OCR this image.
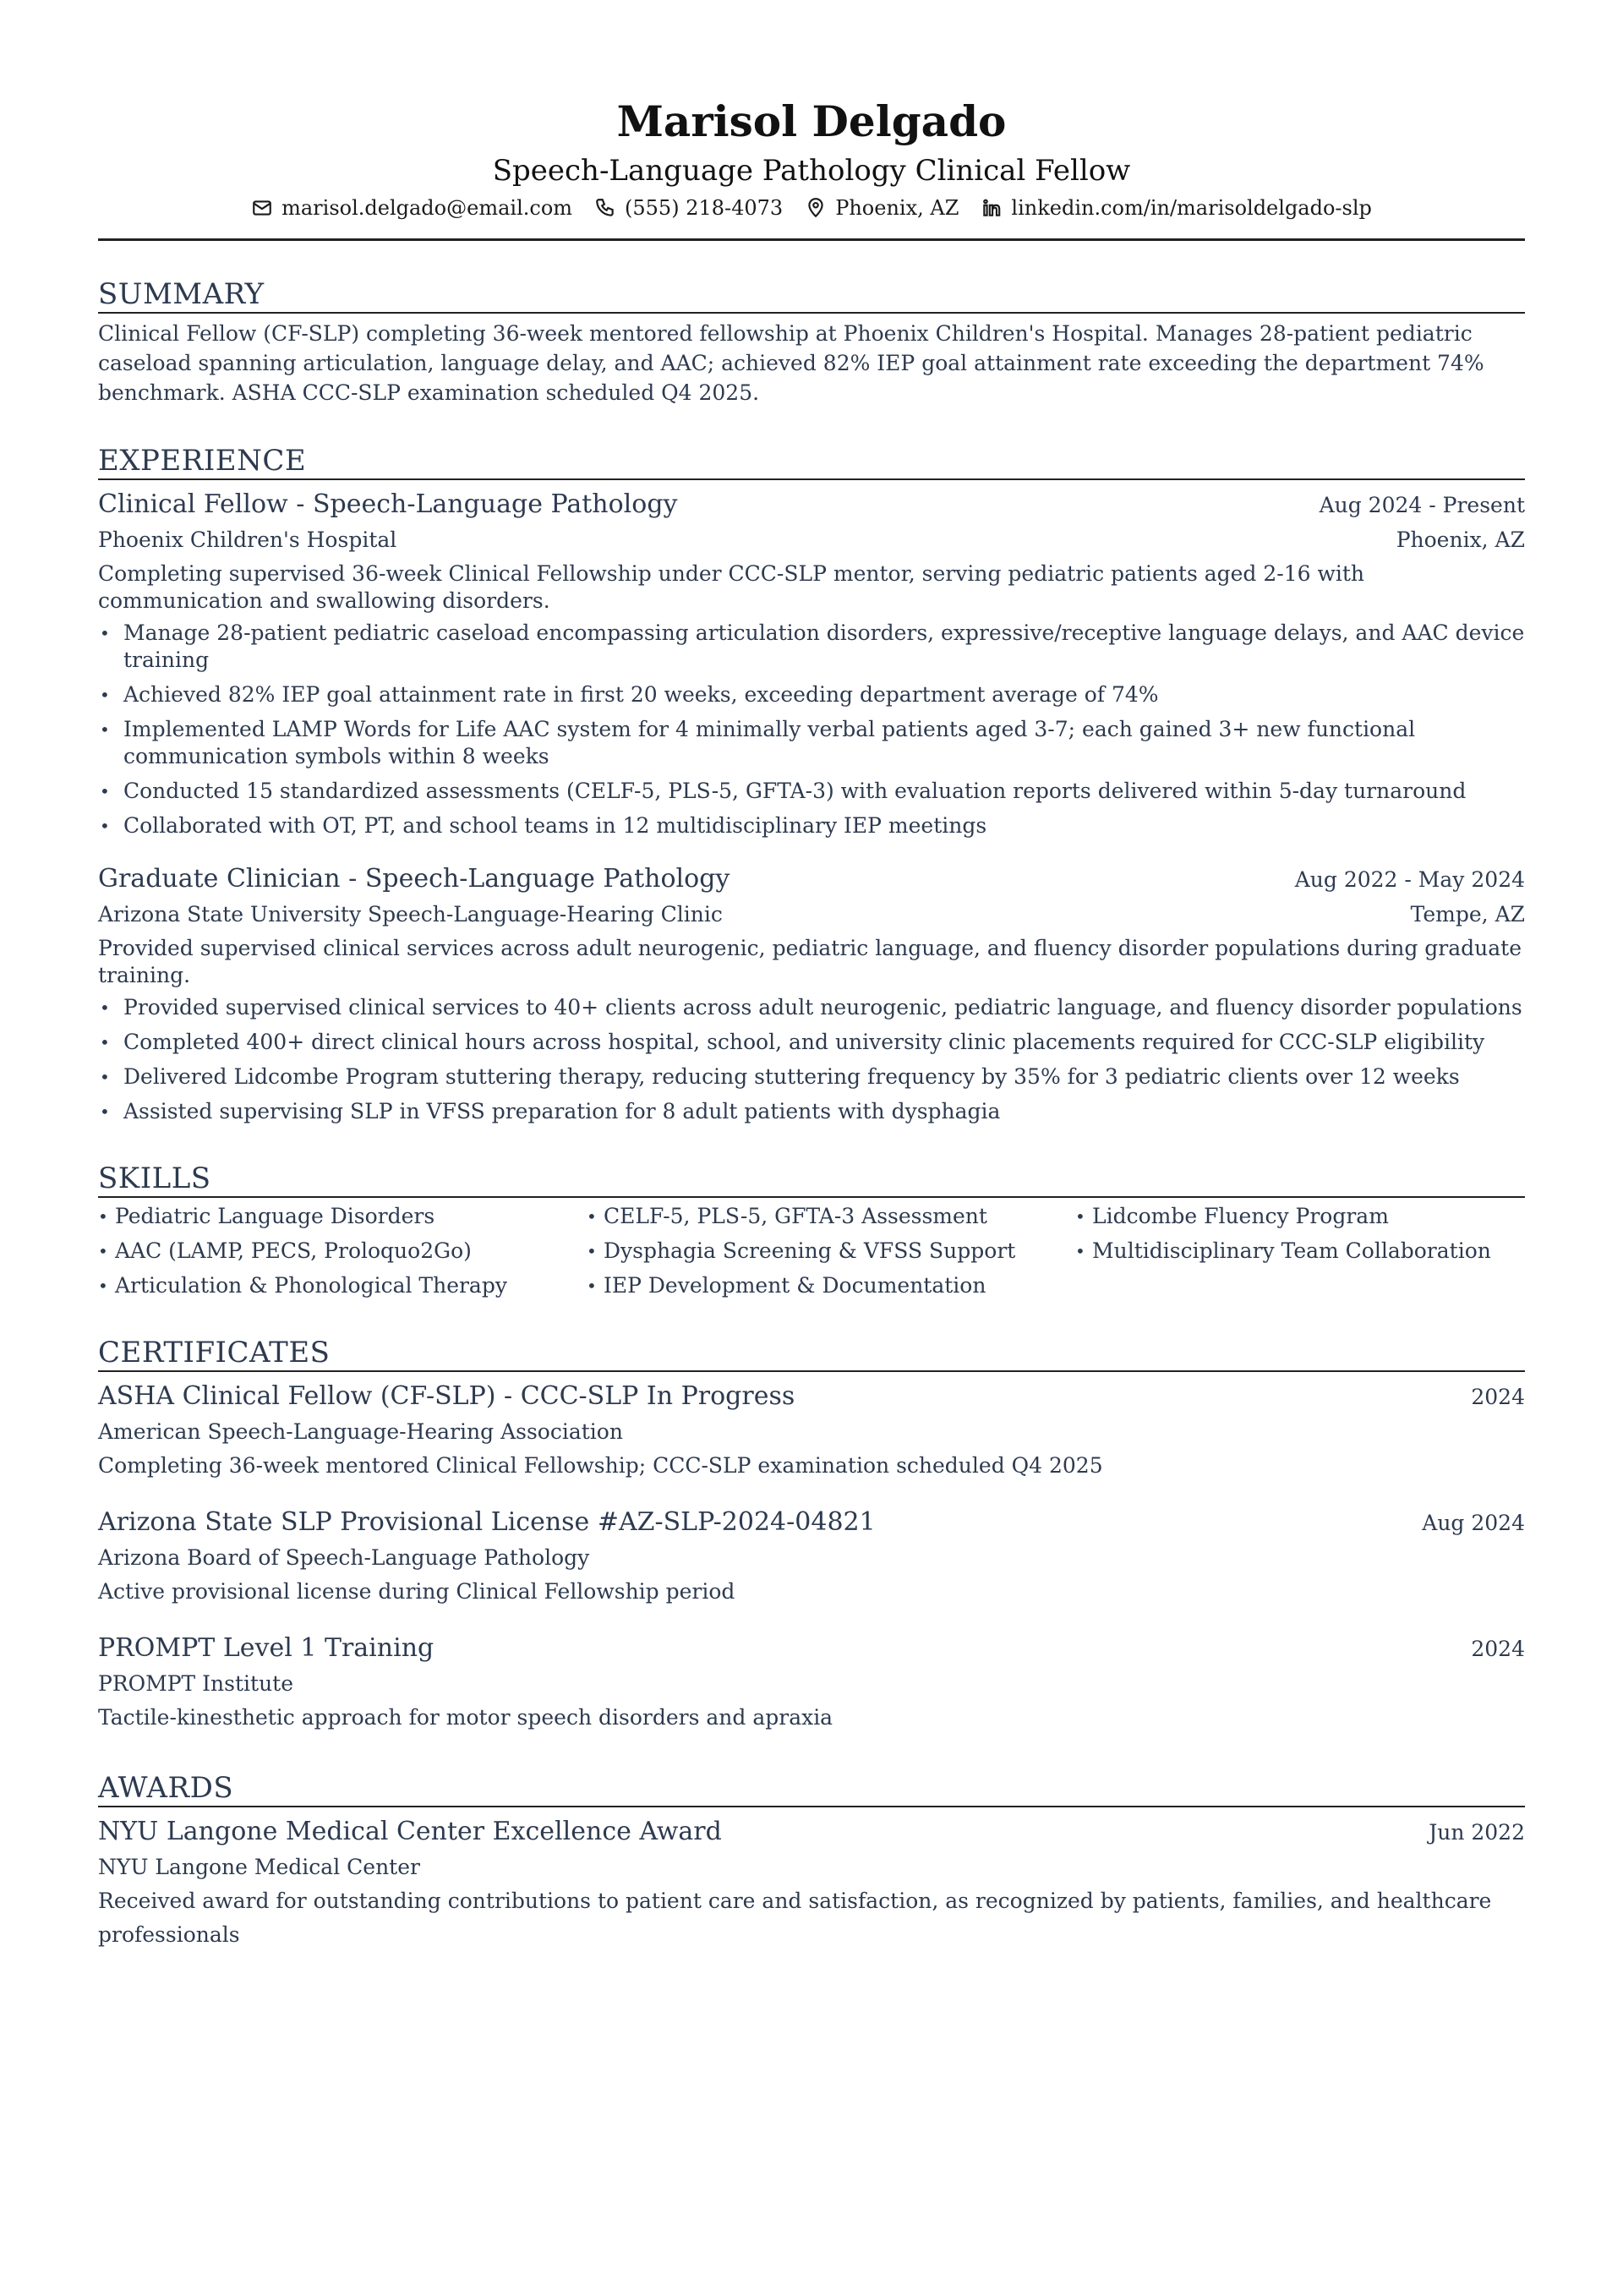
Marisol Delgado
Speech-Language Pathology Clinical Fellow
marisol.delgado@email.com	(555) 218-4073	Phoenix, AZ	linkedin.com/in/marisoldelgado-slp
SUMMARY

Clinical Fellow (CF-SLP) completing 36-week mentored fellowship at Phoenix Children's Hospital. Manages 28-patient pediatric caseload spanning articulation, language delay, and AAC; achieved 82% IEP goal attainment rate exceeding the department 74% benchmark. ASHA CCC-SLP examination scheduled Q4 2025.

EXPERIENCE
Clinical Fellow - Speech-Language Pathology	Aug 2024 - Present
Phoenix Children's Hospital	Phoenix, AZ
Completing supervised 36-week Clinical Fellowship under CCC-SLP mentor, serving pediatric patients aged 2-16 with communication and swallowing disorders.
• Manage 28-patient pediatric caseload encompassing articulation disorders, expressive/receptive language delays, and AAC device training
• Achieved 82% IEP goal attainment rate in first 20 weeks, exceeding department average of 74%
• Implemented LAMP Words for Life AAC system for 4 minimally verbal patients aged 3-7; each gained 3+ new functional communication symbols within 8 weeks
• Conducted 15 standardized assessments (CELF-5, PLS-5, GFTA-3) with evaluation reports delivered within 5-day turnaround
• Collaborated with OT, PT, and school teams in 12 multidisciplinary IEP meetings
Graduate Clinician - Speech-Language Pathology	Aug 2022 - May 2024
Arizona State University Speech-Language-Hearing Clinic	Tempe, AZ
Provided supervised clinical services across adult neurogenic, pediatric language, and fluency disorder populations during graduate training.
• Provided supervised clinical services to 40+ clients across adult neurogenic, pediatric language, and fluency disorder populations
• Completed 400+ direct clinical hours across hospital, school, and university clinic placements required for CCC-SLP eligibility
• Delivered Lidcombe Program stuttering therapy, reducing stuttering frequency by 35% for 3 pediatric clients over 12 weeks
• Assisted supervising SLP in VFSS preparation for 8 adult patients with dysphagia
SKILLS
• Pediatric Language Disorders	• CELF-5, PLS-5, GFTA-3 Assessment	• Lidcombe Fluency Program
• AAC (LAMP, PECS, Proloquo2Go)	• Dysphagia Screening & VFSS Support	• Multidisciplinary Team Collaboration
• Articulation & Phonological Therapy	• IEP Development & Documentation
CERTIFICATES
ASHA Clinical Fellow (CF-SLP) - CCC-SLP In Progress	2024
American Speech-Language-Hearing Association
Completing 36-week mentored Clinical Fellowship; CCC-SLP examination scheduled Q4 2025
Arizona State SLP Provisional License #AZ-SLP-2024-04821	Aug 2024
Arizona Board of Speech-Language Pathology
Active provisional license during Clinical Fellowship period
PROMPT Level 1 Training	2024
PROMPT Institute
Tactile-kinesthetic approach for motor speech disorders and apraxia
AWARDS
NYU Langone Medical Center Excellence Award	Jun 2022
NYU Langone Medical Center
Received award for outstanding contributions to patient care and satisfaction, as recognized by patients, families, and healthcare professionals
